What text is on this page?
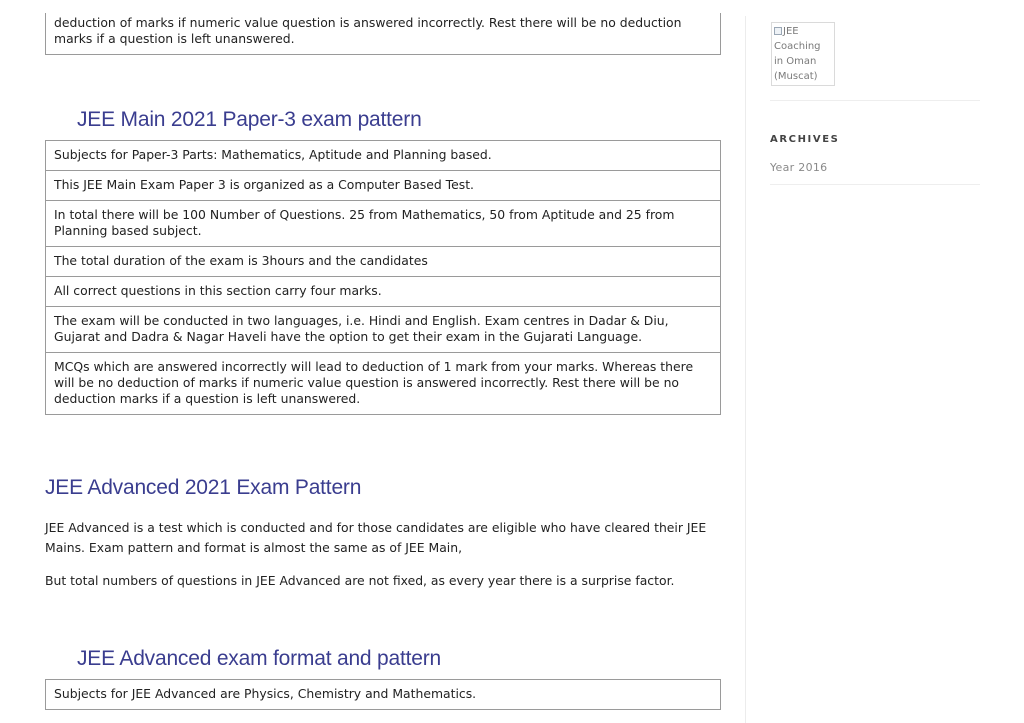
deduction of marks if numeric value question is answered incorrectly. Rest there will be no deduction marks if a question is left unanswered.
JEE Main 2021 Paper-3 exam pattern
Subjects for Paper-3 Parts: Mathematics, Aptitude and Planning based.
This JEE Main Exam Paper 3 is organized as a Computer Based Test.
In total there will be 100 Number of Questions. 25 from Mathematics, 50 from Aptitude and 25 from Planning based subject.
The total duration of the exam is 3hours and the candidates
All correct questions in this section carry four marks.
The exam will be conducted in two languages, i.e. Hindi and English. Exam centres in Dadar & Diu, Gujarat and Dadra & Nagar Haveli have the option to get their exam in the Gujarati Language.
MCQs which are answered incorrectly will lead to deduction of 1 mark from your marks. Whereas there will be no deduction of marks if numeric value question is answered incorrectly. Rest there will be no deduction marks if a question is left unanswered.
JEE Advanced 2021 Exam Pattern

JEE Advanced is a test which is conducted and for those candidates are eligible who have cleared their JEE Mains. Exam pattern and format is almost the same as of JEE Main,

But total numbers of questions in JEE Advanced are not fixed, as every year there is a surprise factor.

JEE Advanced exam format and pattern
Subjects for JEE Advanced are Physics, Chemistry and Mathematics.
JEE Coaching in Oman (Muscat)
ARCHIVES
Year 2016
